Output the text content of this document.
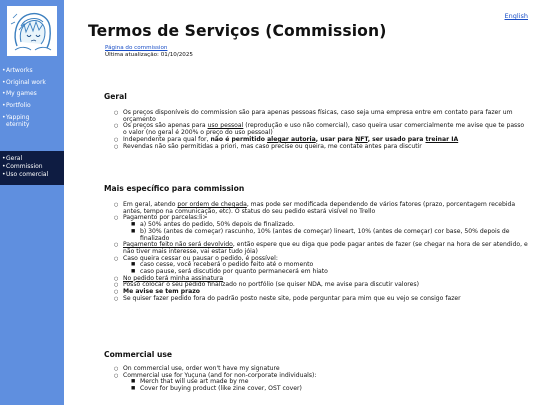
• Artworks
• Original work
• My games
• Portfolio
• Yapping eternity
• Geral
• Commission
• Uso comercial
English
Termos de Serviços (Commission)
Página do commission
Última atualização: 01/10/2025
Geral
○ Os preços disponíveis do commission são para apenas pessoas físicas, caso seja uma empresa entre em contato para fazer um orçamento
○ Os preços são apenas para uso pessoal (reprodução e uso não comercial), caso queira usar comercialmente me avise que te passo o valor (no geral é 200% o preço do uso pessoal)
○ Independente para qual for, não é permitido alegar autoria, usar para NFT, ser usado para treinar IA
○ Revendas não são permitidas a priori, mas caso precise ou queira, me contate antes para discutir
Mais específico para commission
○ Em geral, atendo por ordem de chegada, mas pode ser modificada dependendo de vários fatores (prazo, porcentagem recebida antes, tempo na comunicação, etc). O status do seu pedido estará visível no Trello
○ Pagamento por parcelas:li>
■ a) 50% antes do pedido, 50% depois de finalizado.
■ b) 30% (antes de começar) rascunho, 10% (antes de começar) lineart, 10% (antes de começar) cor base, 50% depois de finalizado
○ Pagamento feito não será devolvido, então espere que eu diga que pode pagar antes de fazer (se chegar na hora de ser atendido, e não tiver mais interesse, vai estar tudo jóia)
○ Caso queira cessar ou pausar o pedido, é possível:
■ caso cesse, você receberá o pedido feito até o momento
■ caso pause, será discutido por quanto permanecerá em hiato
○ No pedido terá minha assinatura
○ Posso colocar o seu pedido finalizado no portfólio (se quiser NDA, me avise para discutir valores)
○ Me avise se tem prazo
○ Se quiser fazer pedido fora do padrão posto neste site, pode perguntar para mim que eu vejo se consigo fazer
Commercial use
○ On commercial use, order won't have my signature
○ Commercial use for Yuçuna (and for non-corporate individuals):
■ Merch that will use art made by me
■ Cover for buying product (like zine cover, OST cover)
